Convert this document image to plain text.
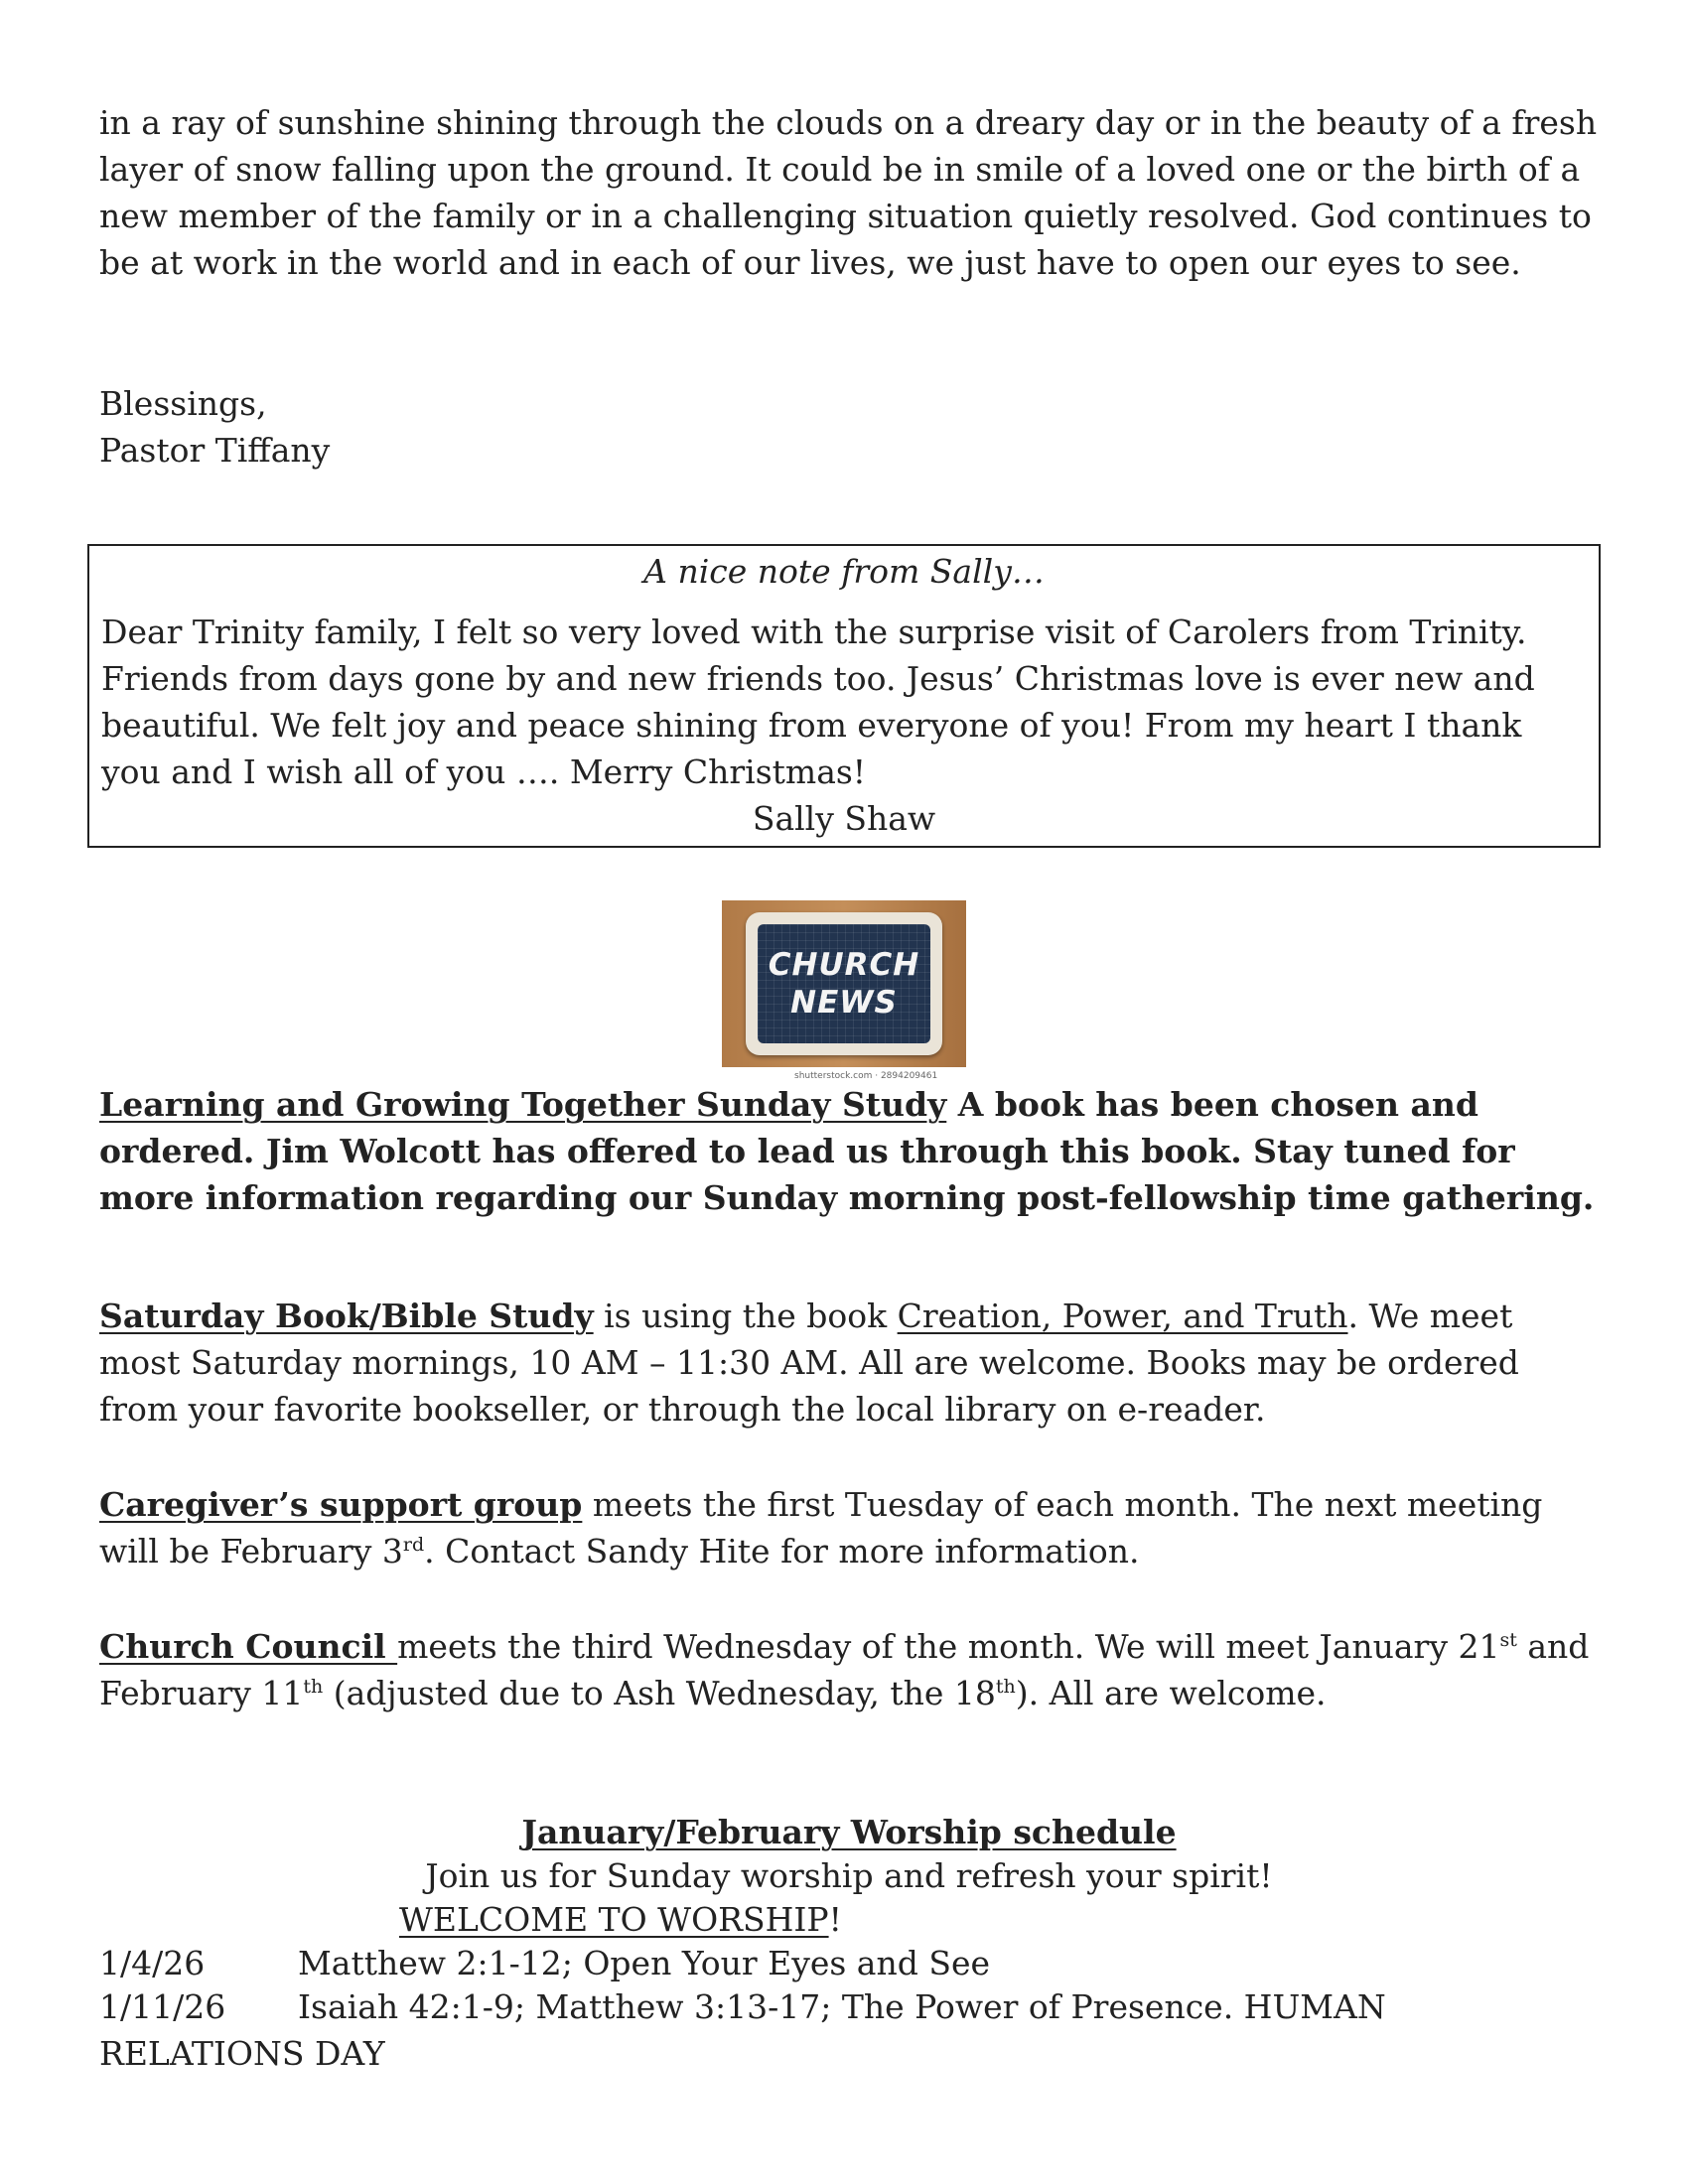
in a ray of sunshine shining through the clouds on a dreary day or in the beauty of a fresh layer of snow falling upon the ground. It could be in smile of a loved one or the birth of a new member of the family or in a challenging situation quietly resolved. God continues to be at work in the world and in each of our lives, we just have to open our eyes to see.

Blessings,

Pastor Tiffany

A nice note from Sally…

Dear Trinity family, I felt so very loved with the surprise visit of Carolers from Trinity. Friends from days gone by and new friends too. Jesus’ Christmas love is ever new and beautiful. We felt joy and peace shining from everyone of you! From my heart I thank you and I wish all of you …. Merry Christmas!

Sally Shaw
CHURCH
NEWS
shutterstock.com · 2894209461

Learning and Growing Together Sunday Study A book has been chosen and ordered. Jim Wolcott has offered to lead us through this book. Stay tuned for more information regarding our Sunday morning post-fellowship time gathering.

Saturday Book/Bible Study is using the book Creation, Power, and Truth. We meet most Saturday mornings, 10 AM – 11:30 AM. All are welcome. Books may be ordered from your favorite bookseller, or through the local library on e-reader.

Caregiver’s support group meets the first Tuesday of each month. The next meeting will be February 3rd. Contact Sandy Hite for more information.

Church Council meets the third Wednesday of the month. We will meet January 21st and February 11th (adjusted due to Ash Wednesday, the 18th). All are welcome.

January/February Worship schedule
Join us for Sunday worship and refresh your spirit!
WELCOME TO WORSHIP!
1/4/26	Matthew 2:1-12; Open Your Eyes and See
1/11/26	Isaiah 42:1-9; Matthew 3:13-17; The Power of Presence. HUMAN
RELATIONS DAY
